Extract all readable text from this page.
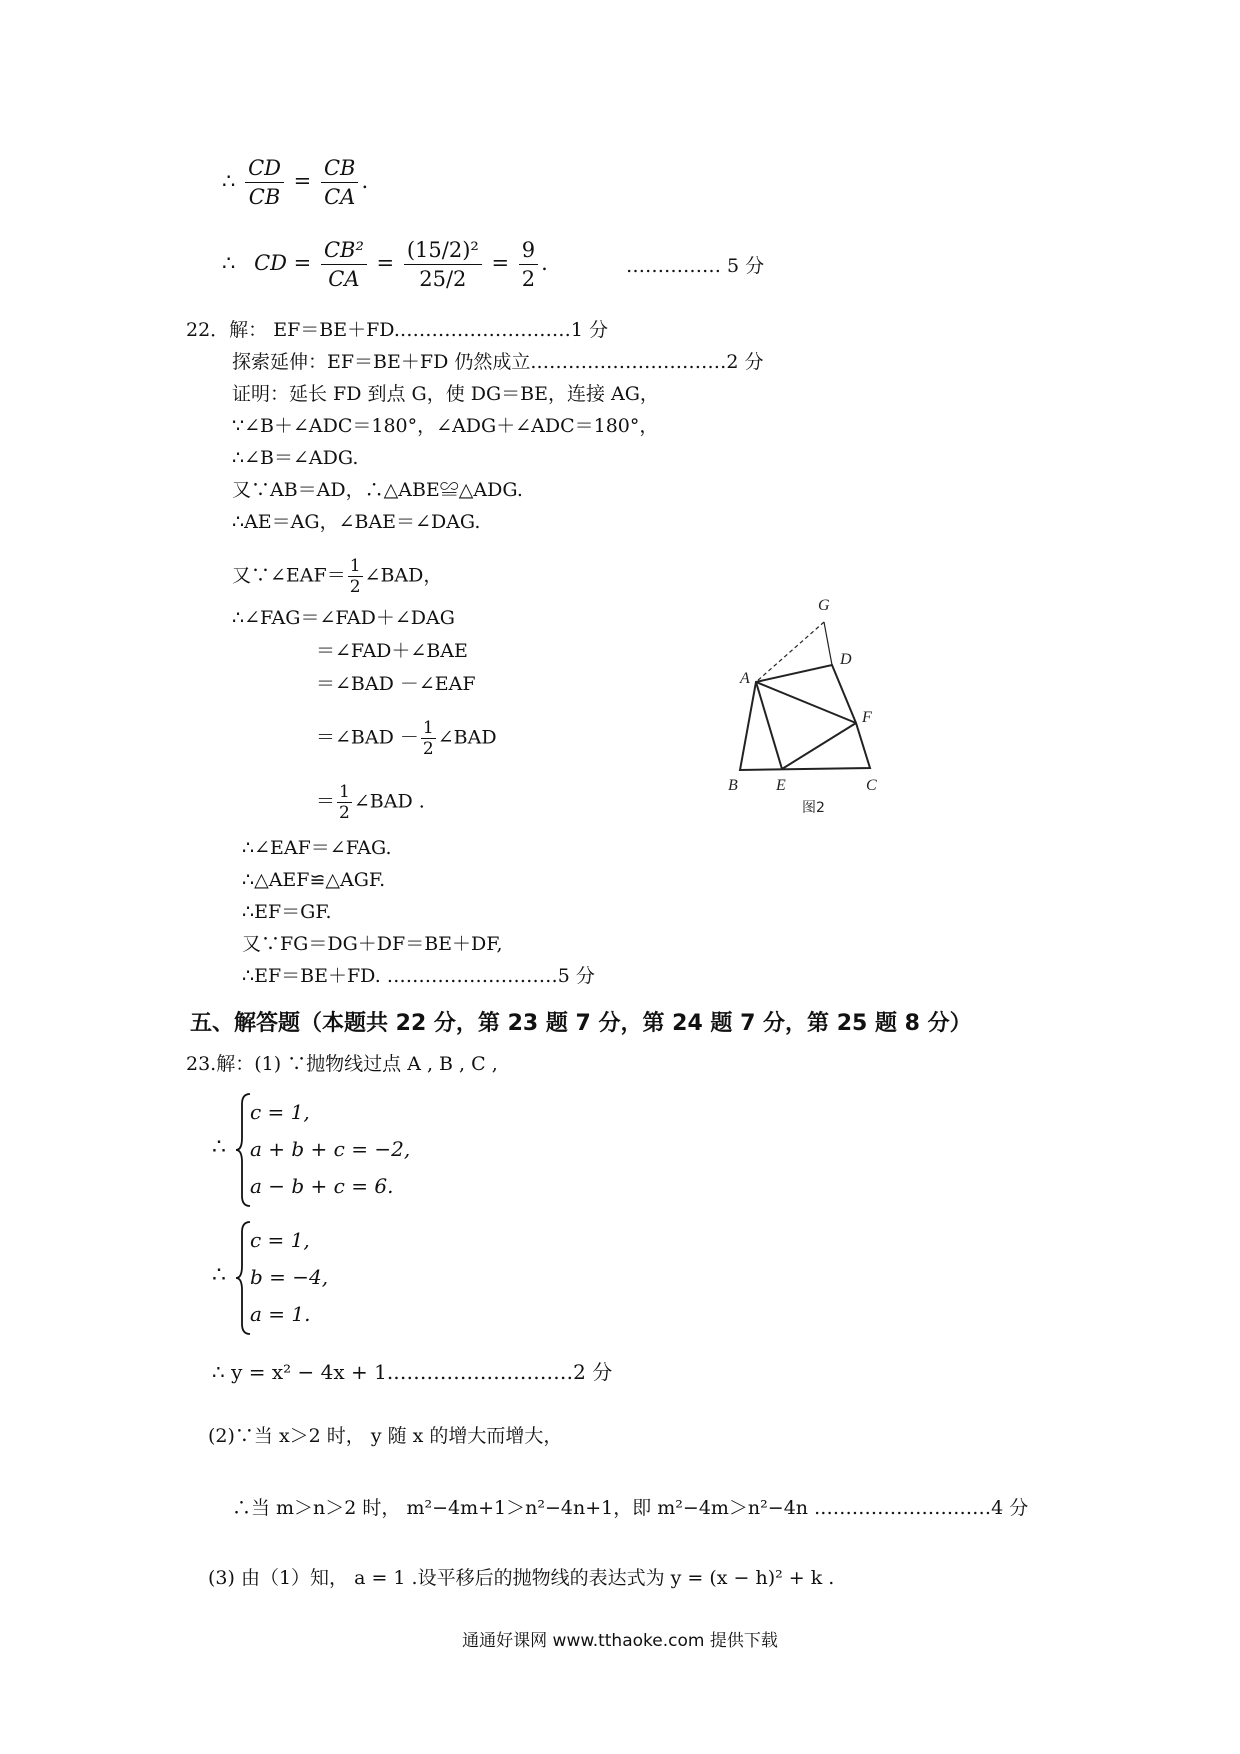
∴ $\frac{CD}{CB} = \frac{CB}{CA}$ .
∴ CD = $\frac{\text{CB²}}{CA} = \frac{\text{(15/2)²}}{25/2} = \frac{9}{2}$ .	…………… 5 分
22．解： EF＝BE＋FD.………………………1 分
探索延伸：EF＝BE＋FD 仍然成立.…………………………2 分
证明：延长 FD 到点 G，使 DG＝BE，连接 AG，
∵∠B＋∠ADC＝180°，∠ADG＋∠ADC＝180°，
∴∠B＝∠ADG.
又∵AB＝AD，∴△ABE≌△ADG.
∴AE＝AG，∠BAE＝∠DAG.
又∵∠EAF＝ $\frac{1}{2}$ ∠BAD，
∴∠FAG＝∠FAD＋∠DAG
＝∠FAD＋∠BAE
＝∠BAD －∠EAF
＝∠BAD － $\frac{1}{2}$ ∠BAD
＝ $\frac{1}{2}$ ∠BAD .
∴∠EAF＝∠FAG.
∴△AEF≌△AGF.
∴EF＝GF.
又∵FG＝DG＋DF＝BE＋DF,
∴EF＝BE＋FD. ………………………5 分
G
A
D
F
B E	C
图2
五、解答题（本题共 22 分，第 23 题 7 分，第 24 题 7 分，第 25 题 8 分）
23.解：(1) ∵抛物线过点 A , B , C ,
∴
c = 1,
a + b + c = −2,
a − b + c = 6.
∴
c = 1,
b = −4,
a = 1.
∴ y = x² − 4x + 1.………………………2 分
(2)∵当 x＞2 时， y 随 x 的增大而增大，
∴当 m＞n＞2 时， m²−4m+1＞n²−4n+1，即 m²−4m＞n²−4n .………………………4 分
(3) 由（1）知， a = 1 .设平移后的抛物线的表达式为 y = (x − h)² + k .
通通好课网 www.tthaoke.com 提供下载
